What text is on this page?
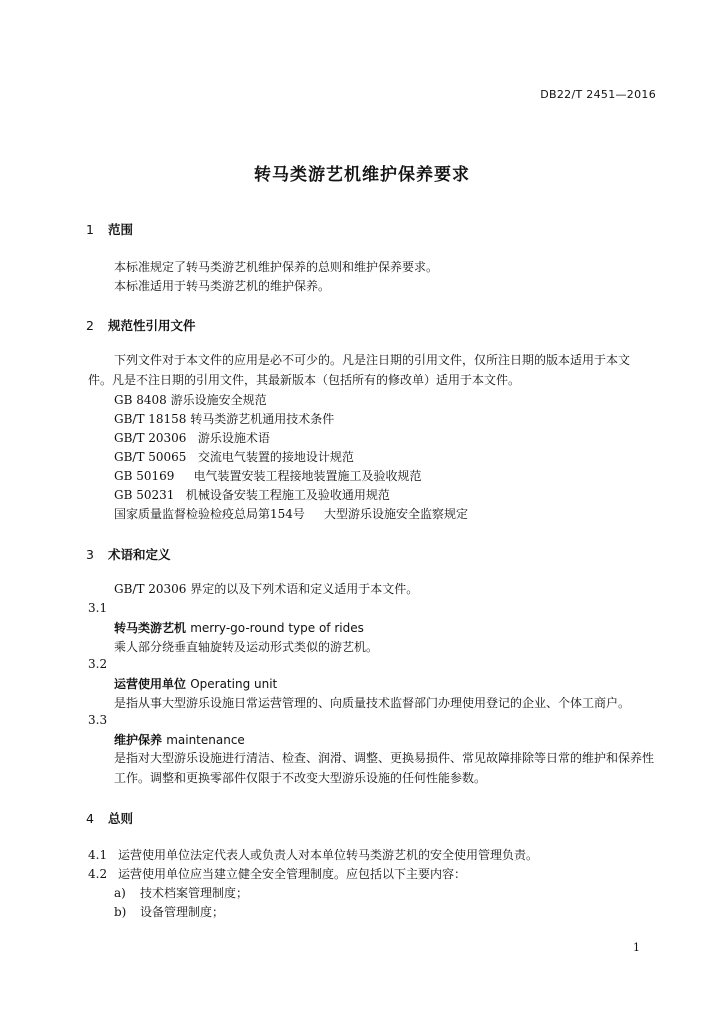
DB22/T 2451—2016
转马类游艺机维护保养要求
1 范围
本标准规定了转马类游艺机维护保养的总则和维护保养要求。
本标准适用于转马类游艺机的维护保养。
2 规范性引用文件
下列文件对于本文件的应用是必不可少的。凡是注日期的引用文件，仅所注日期的版本适用于本文件。凡是不注日期的引用文件，其最新版本（包括所有的修改单）适用于本文件。
GB 8408 游乐设施安全规范
GB/T 18158 转马类游艺机通用技术条件
GB/T 20306   游乐设施术语
GB/T 50065   交流电气装置的接地设计规范
GB 50169     电气装置安装工程接地装置施工及验收规范
GB 50231   机械设备安装工程施工及验收通用规范
国家质量监督检验检疫总局第154号     大型游乐设施安全监察规定
3 术语和定义
GB/T 20306 界定的以及下列术语和定义适用于本文件。
3.1
转马类游艺机 merry-go-round type of rides
乘人部分绕垂直轴旋转及运动形式类似的游艺机。
3.2
运营使用单位 Operating unit
是指从事大型游乐设施日常运营管理的、向质量技术监督部门办理使用登记的企业、个体工商户。
3.3
维护保养 maintenance
是指对大型游乐设施进行清洁、检查、润滑、调整、更换易损件、常见故障排除等日常的维护和保养性工作。调整和更换零部件仅限于不改变大型游乐设施的任何性能参数。
4 总则
4.1 运营使用单位法定代表人或负责人对本单位转马类游艺机的安全使用管理负责。
4.2 运营使用单位应当建立健全安全管理制度。应包括以下主要内容：
a) 技术档案管理制度；
b) 设备管理制度；
1
